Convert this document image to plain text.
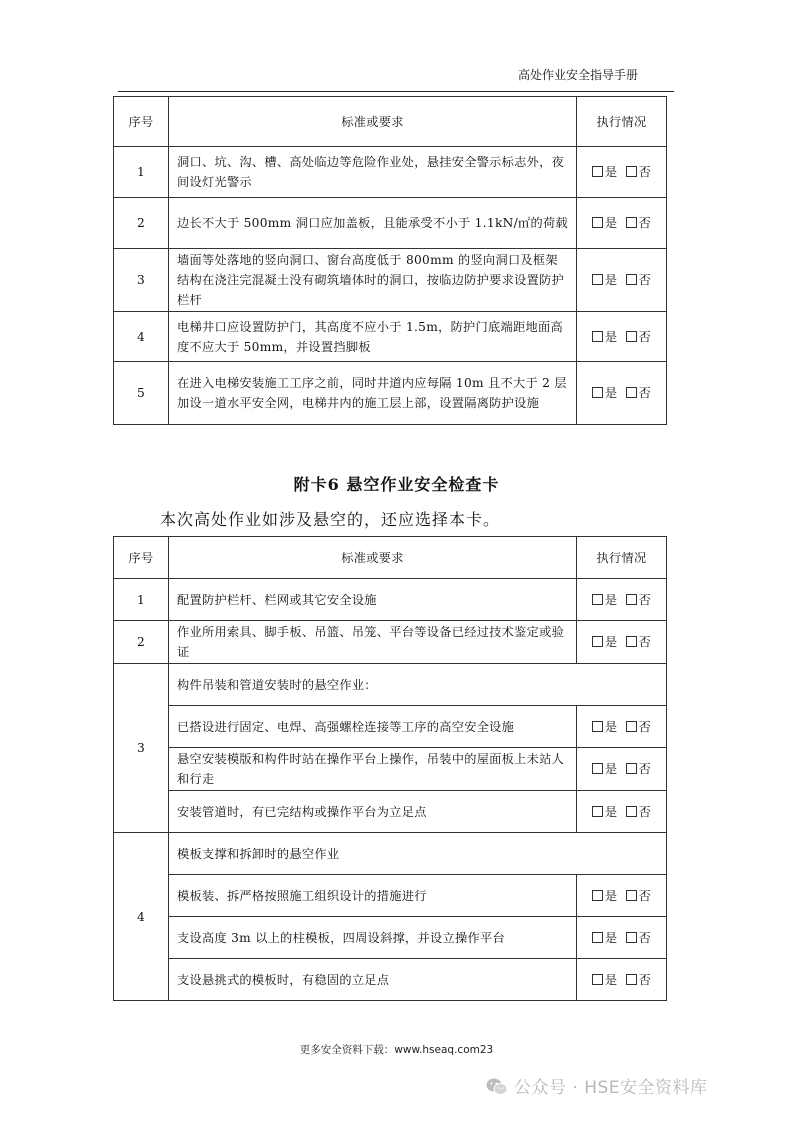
高处作业安全指导手册
序号	标准或要求	执行情况
1	洞口、坑、沟、槽、高处临边等危险作业处，悬挂安全警示标志外，夜间设灯光警示	是 否
2	边长不大于 500mm 洞口应加盖板，且能承受不小于 1.1kN/㎡的荷载	是 否
3	墙面等处落地的竖向洞口、窗台高度低于 800mm 的竖向洞口及框架结构在浇注完混凝土没有砌筑墙体时的洞口，按临边防护要求设置防护栏杆	是 否
4	电梯井口应设置防护门，其高度不应小于 1.5m，防护门底端距地面高度不应大于 50mm，并设置挡脚板	是 否
5	在进入电梯安装施工工序之前，同时井道内应每隔 10m 且不大于 2 层加设一道水平安全网，电梯井内的施工层上部，设置隔离防护设施	是 否
附卡6 悬空作业安全检查卡
本次高处作业如涉及悬空的，还应选择本卡。
序号	标准或要求	执行情况
1	配置防护栏杆、栏网或其它安全设施	是 否
2	作业所用索具、脚手板、吊篮、吊笼、平台等设备已经过技术鉴定或验证	是 否
3	构件吊装和管道安装时的悬空作业：	
	已搭设进行固定、电焊、高强螺栓连接等工序的高空安全设施	是 否
	悬空安装模版和构件时站在操作平台上操作，吊装中的屋面板上未站人和行走	是 否
	安装管道时，有已完结构或操作平台为立足点	是 否
4	模板支撑和拆卸时的悬空作业	
	模板装、拆严格按照施工组织设计的措施进行	是 否
	支设高度 3m 以上的柱模板，四周设斜撑，并设立操作平台	是 否
	支设悬挑式的模板时，有稳固的立足点	是 否
更多安全资料下载：www.hseaq.com23
公众号 · HSE安全资料库
